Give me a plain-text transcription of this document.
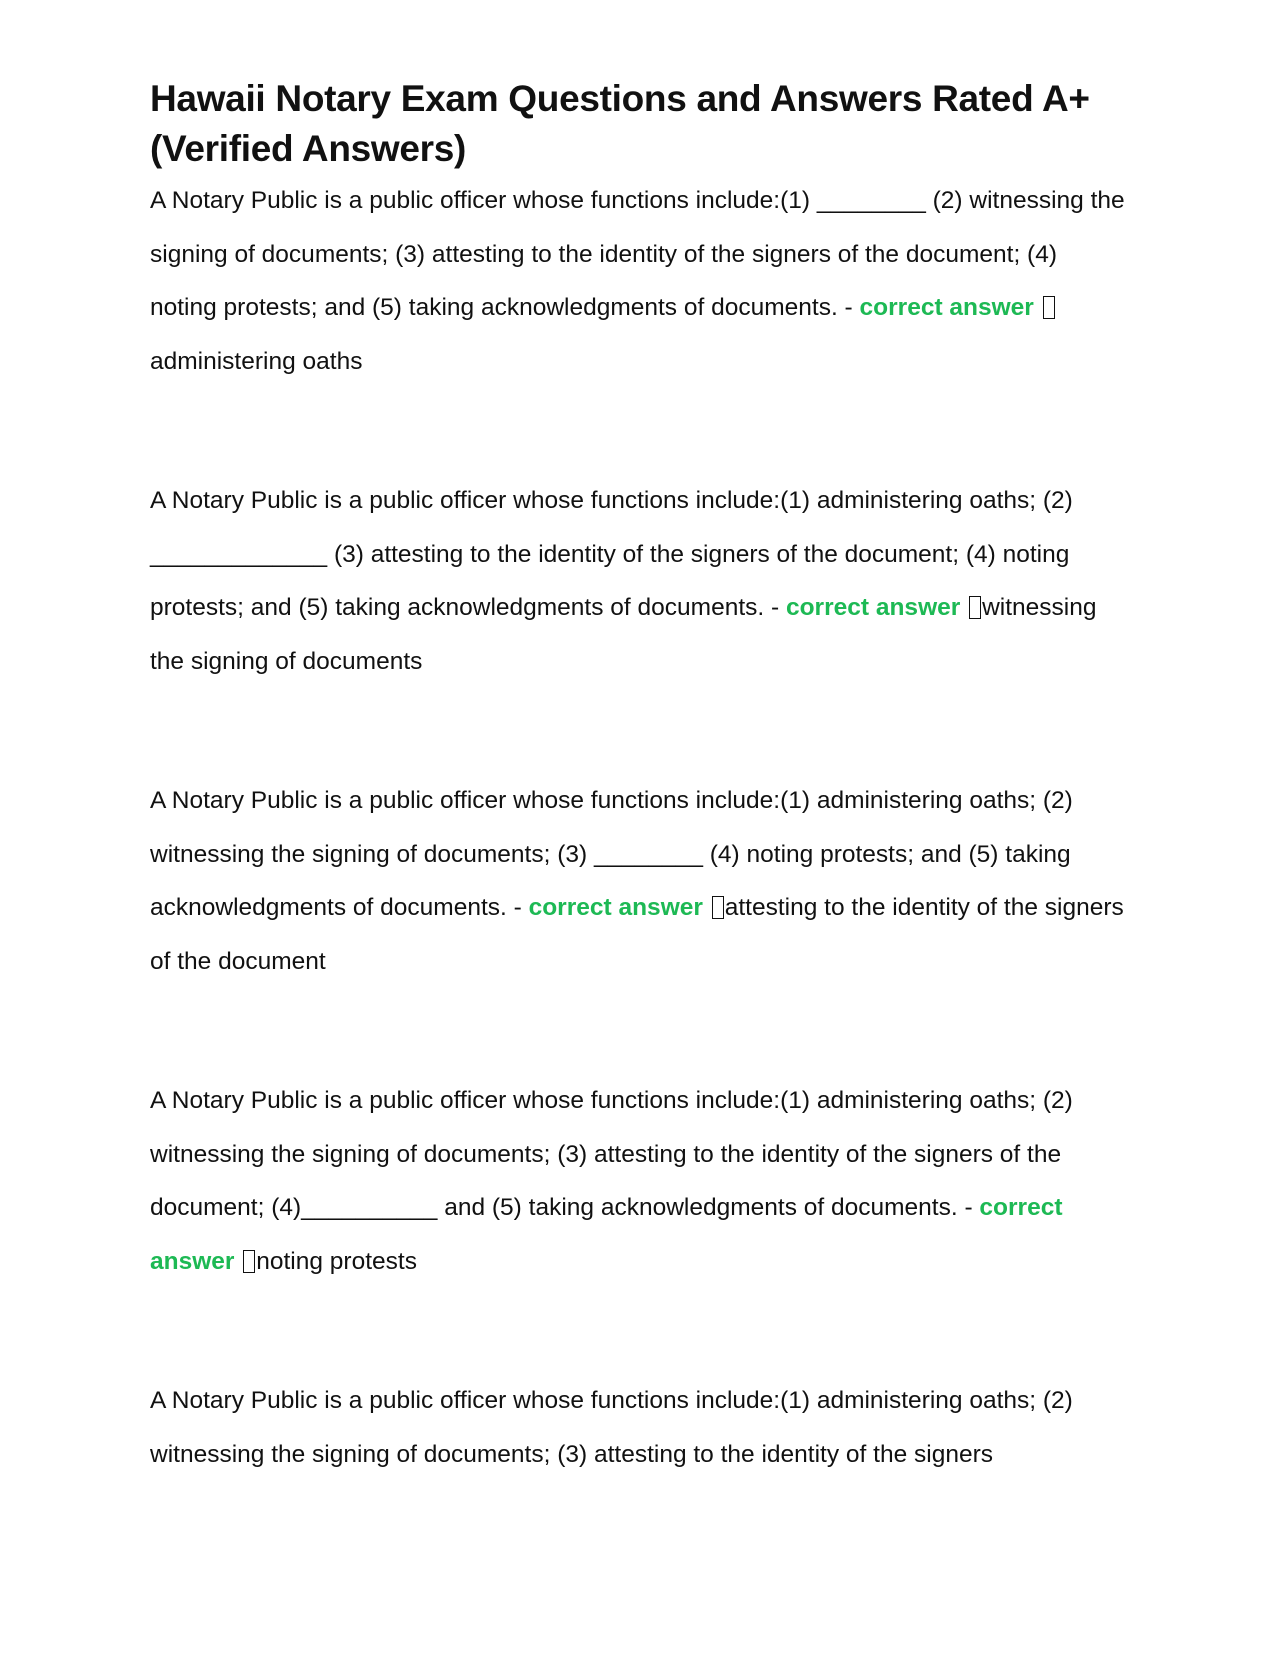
Hawaii Notary Exam Questions and Answers Rated A+ (Verified Answers)

A Notary Public is a public officer whose functions include:(1) ________ (2) witnessing the signing of documents; (3) attesting to the identity of the signers of the document; (4) noting protests; and (5) taking acknowledgments of documents. - correct answer administering oaths

A Notary Public is a public officer whose functions include:(1) administering oaths; (2) _____________ (3) attesting to the identity of the signers of the document; (4) noting protests; and (5) taking acknowledgments of documents. - correct answer witnessing the signing of documents

A Notary Public is a public officer whose functions include:(1) administering oaths; (2) witnessing the signing of documents; (3) ________ (4) noting protests; and (5) taking acknowledgments of documents. - correct answer attesting to the identity of the signers of the document

A Notary Public is a public officer whose functions include:(1) administering oaths; (2) witnessing the signing of documents; (3) attesting to the identity of the signers of the document; (4)__________ and (5) taking acknowledgments of documents. - correct answer noting protests

A Notary Public is a public officer whose functions include:(1) administering oaths; (2) witnessing the signing of documents; (3) attesting to the identity of the signers
